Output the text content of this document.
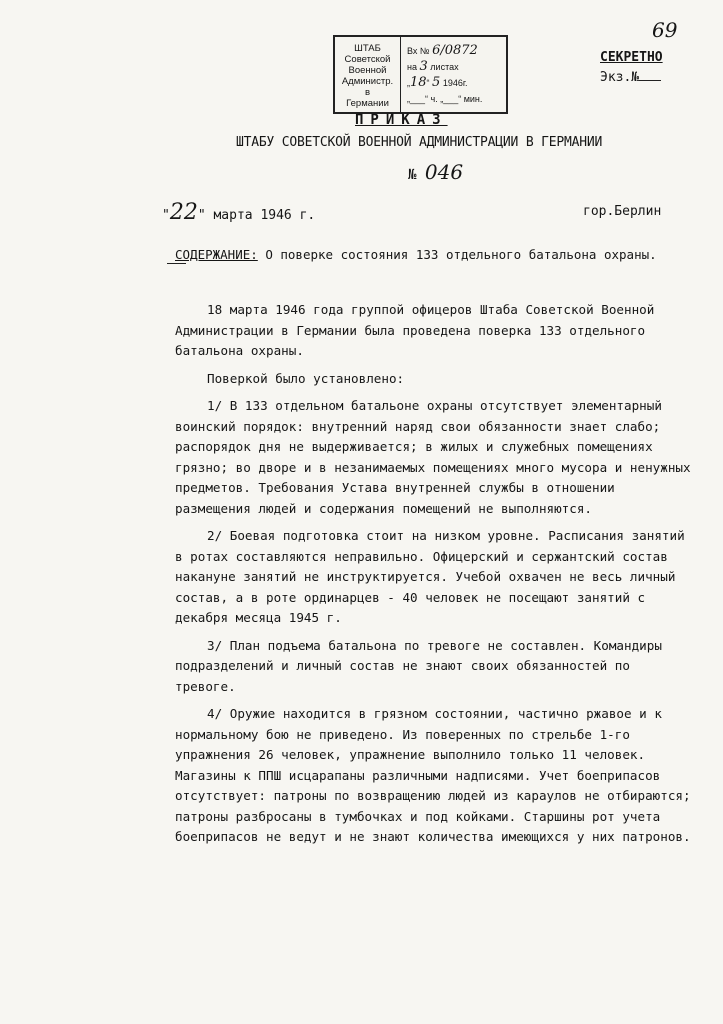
69
ШТАБ
Советской
Военной
Администр.
в
Германии
Вх № 6/0872
на 3 листах
„18“ 5 1946г.
„___“ ч. „___“ мин.
СЕКРЕТНО
Экз.№
ПРИКАЗ
ШТАБУ СОВЕТСКОЙ ВОЕННОЙ АДМИНИСТРАЦИИ В ГЕРМАНИИ
№ 046
"22" марта 1946 г.	гор.Берлин
СОДЕРЖАНИЕ: О поверке состояния 133 отдельного батальона охраны.

18 марта 1946 года группой офицеров Штаба Советской Военной Администрации в Германии была проведена поверка 133 отдельного батальона охраны.

Поверкой было установлено:

1/ В 133 отдельном батальоне охраны отсутствует элементарный воинский порядок: внутренний наряд свои обязанности знает слабо; распорядок дня не выдерживается; в жилых и служебных помещениях грязно; во дворе и в незанимаемых помещениях много мусора и ненужных предметов. Требования Устава внутренней службы в отношении размещения людей и содержания помещений не выполняются.

2/ Боевая подготовка стоит на низком уровне. Расписания занятий в ротах составляются неправильно. Офицерский и сержантский состав накануне занятий не инструктируется. Учебой охвачен не весь личный состав, а в роте ординарцев - 40 человек не посещают занятий с декабря месяца 1945 г.

3/ План подъема батальона по тревоге не составлен. Командиры подразделений и личный состав не знают своих обязанностей по тревоге.

4/ Оружие находится в грязном состоянии, частично ржавое и к нормальному бою не приведено. Из поверенных по стрельбе 1-го упражнения 26 человек, упражнение выполнило только 11 человек. Магазины к ППШ исцарапаны различными надписями. Учет боеприпасов отсутствует: патроны по возвращению людей из караулов не отбираются; патроны разбросаны в тумбочках и под койками. Старшины рот учета боеприпасов не ведут и не знают количества имеющихся у них патронов.
